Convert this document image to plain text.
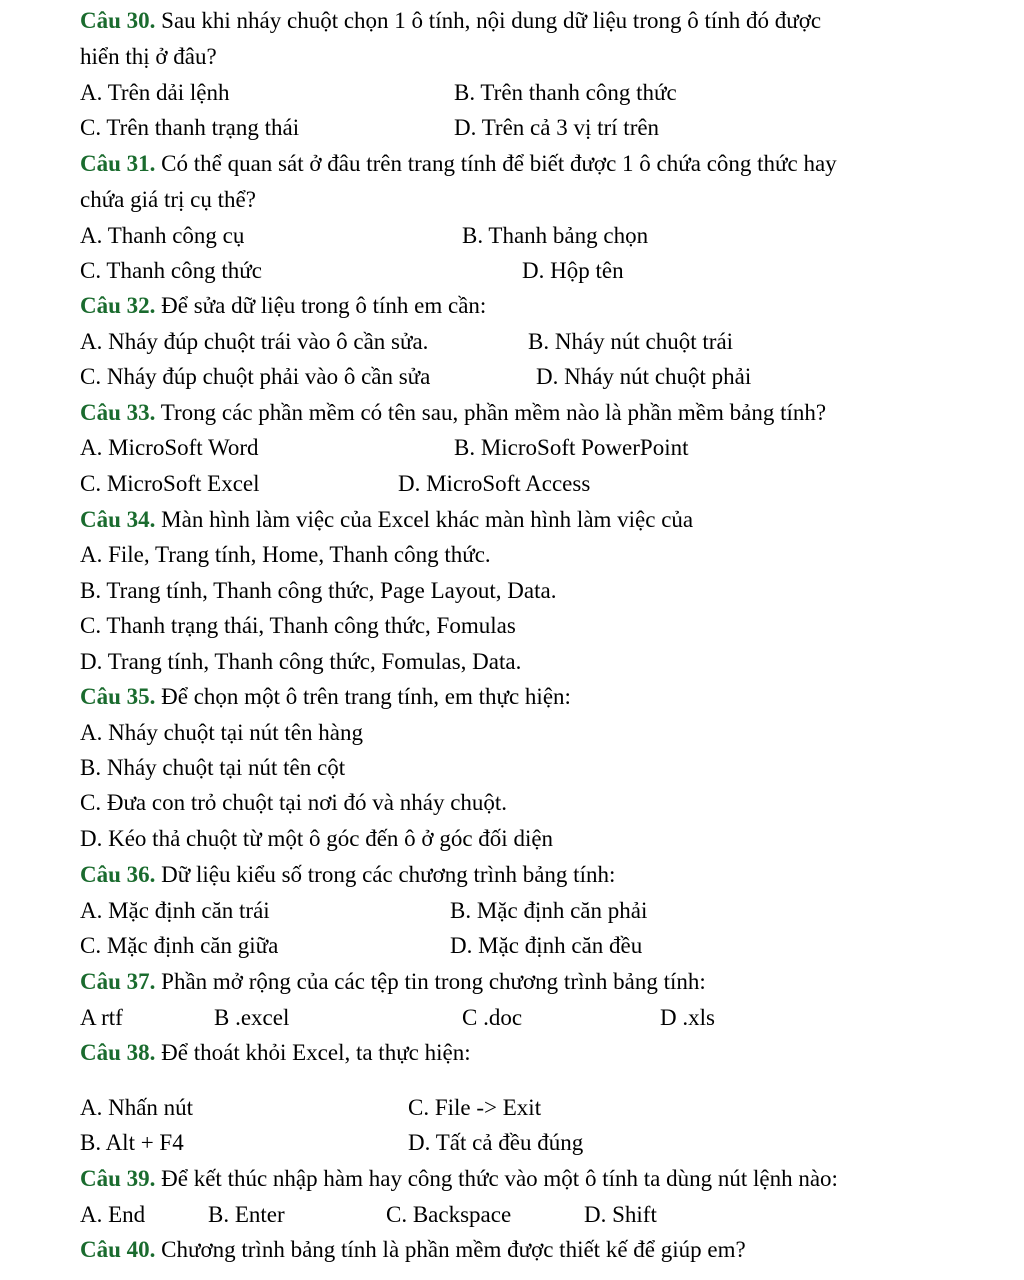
Câu 30. Sau khi nháy chuột chọn 1 ô tính, nội dung dữ liệu trong ô tính đó được
hiển thị ở đâu?
A. Trên dải lệnh	B. Trên thanh công thức
C. Trên thanh trạng thái	D. Trên cả 3 vị trí trên
Câu 31. Có thể quan sát ở đâu trên trang tính để biết được 1 ô chứa công thức hay
chứa giá trị cụ thể?
A. Thanh công cụ	B. Thanh bảng chọn
C. Thanh công thức	D. Hộp tên
Câu 32. Để sửa dữ liệu trong ô tính em cần:
A. Nháy đúp chuột trái vào ô cần sửa.	B. Nháy nút chuột trái
C. Nháy đúp chuột phải vào ô cần sửa	D. Nháy nút chuột phải
Câu 33. Trong các phần mềm có tên sau, phần mềm nào là phần mềm bảng tính?
A. MicroSoft Word	B. MicroSoft PowerPoint
C. MicroSoft Excel	D. MicroSoft Access
Câu 34. Màn hình làm việc của Excel khác màn hình làm việc của
A. File, Trang tính, Home, Thanh công thức.
B. Trang tính, Thanh công thức, Page Layout, Data.
C. Thanh trạng thái, Thanh công thức, Fomulas
D. Trang tính, Thanh công thức, Fomulas, Data.
Câu 35. Để chọn một ô trên trang tính, em thực hiện:
A. Nháy chuột tại nút tên hàng
B. Nháy chuột tại nút tên cột
C. Đưa con trỏ chuột tại nơi đó và nháy chuột.
D. Kéo thả chuột từ một ô góc đến ô ở góc đối diện
Câu 36. Dữ liệu kiểu số trong các chương trình bảng tính:
A. Mặc định căn trái	B. Mặc định căn phải
C. Mặc định căn giữa	D. Mặc định căn đều
Câu 37. Phần mở rộng của các tệp tin trong chương trình bảng tính:
A rtf	B .excel	C .doc	D .xls
Câu 38. Để thoát khỏi Excel, ta thực hiện:
A. Nhấn nút	C. File -> Exit
B. Alt + F4	D. Tất cả đều đúng
Câu 39. Để kết thúc nhập hàm hay công thức vào một ô tính ta dùng nút lệnh nào:
A. End	B. Enter	C. Backspace	D. Shift
Câu 40. Chương trình bảng tính là phần mềm được thiết kế để giúp em?
